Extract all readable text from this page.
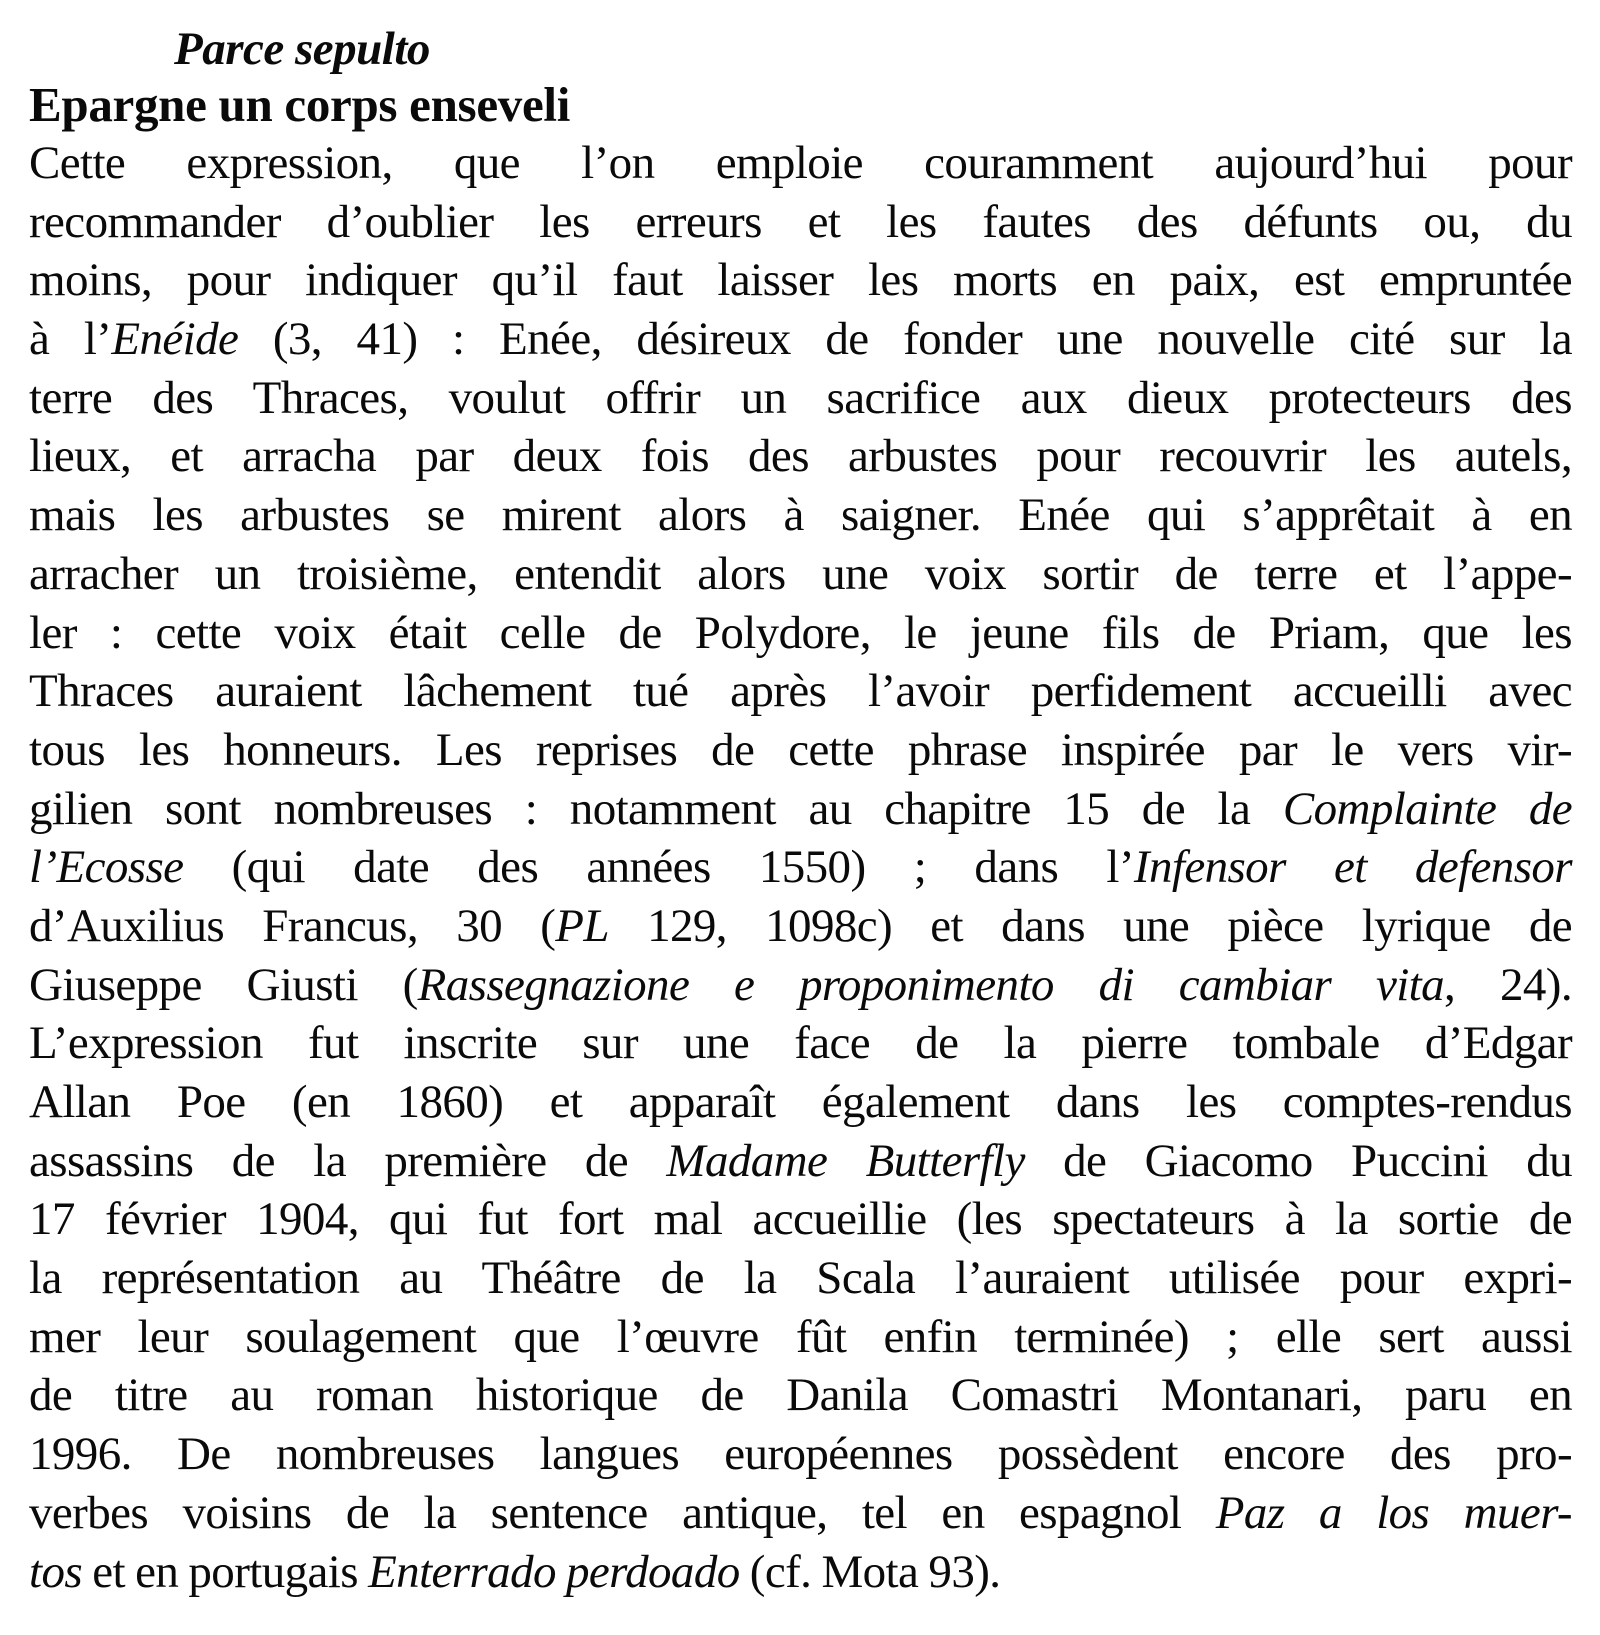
Parce sepulto
Epargne un corps enseveli
Cette expression, que l’on emploie couramment aujourd’hui pour
recommander d’oublier les erreurs et les fautes des défunts ou, du
moins, pour indiquer qu’il faut laisser les morts en paix, est empruntée
à l’Enéide (3, 41) : Enée, désireux de fonder une nouvelle cité sur la
terre des Thraces, voulut offrir un sacrifice aux dieux protecteurs des
lieux, et arracha par deux fois des arbustes pour recouvrir les autels,
mais les arbustes se mirent alors à saigner. Enée qui s’apprêtait à en
arracher un troisième, entendit alors une voix sortir de terre et l’appe-
ler : cette voix était celle de Polydore, le jeune fils de Priam, que les
Thraces auraient lâchement tué après l’avoir perfidement accueilli avec
tous les honneurs. Les reprises de cette phrase inspirée par le vers vir-
gilien sont nombreuses : notamment au chapitre 15 de la Complainte de
l’Ecosse (qui date des années 1550) ; dans l’Infensor et defensor
d’Auxilius Francus, 30 (PL 129, 1098c) et dans une pièce lyrique de
Giuseppe Giusti (Rassegnazione e proponimento di cambiar vita, 24).
L’expression fut inscrite sur une face de la pierre tombale d’Edgar
Allan Poe (en 1860) et apparaît également dans les comptes-rendus
assassins de la première de Madame Butterfly de Giacomo Puccini du
17 février 1904, qui fut fort mal accueillie (les spectateurs à la sortie de
la représentation au Théâtre de la Scala l’auraient utilisée pour expri-
mer leur soulagement que l’œuvre fût enfin terminée) ; elle sert aussi
de titre au roman historique de Danila Comastri Montanari, paru en
1996. De nombreuses langues européennes possèdent encore des pro-
verbes voisins de la sentence antique, tel en espagnol Paz a los muer-
tos et en portugais Enterrado perdoado (cf. Mota 93).
